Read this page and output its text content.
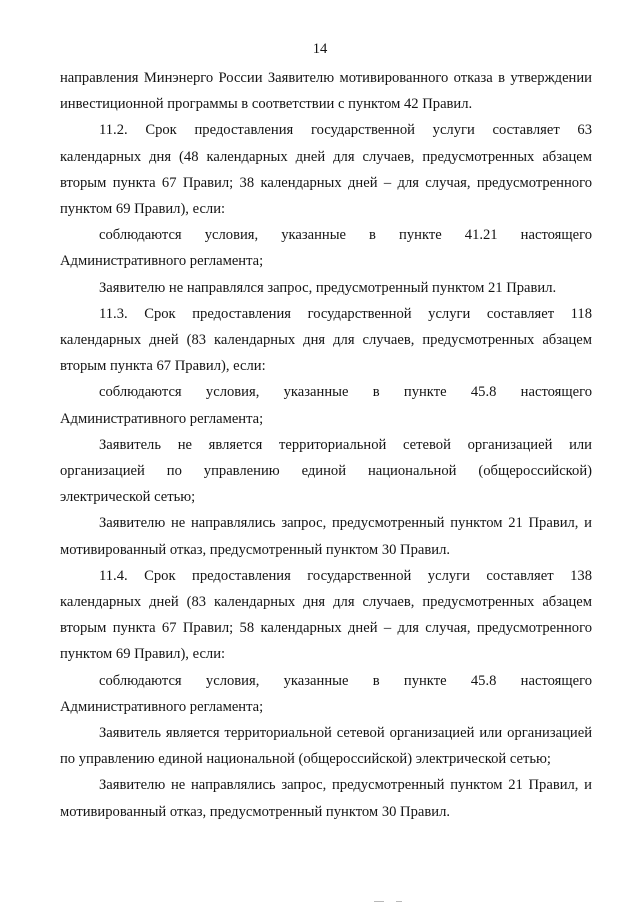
14

направления Минэнерго России Заявителю мотивированного отказа в утверждении инвестиционной программы в соответствии с пунктом 42 Правил.

11.2. Срок предоставления государственной услуги составляет 63 календарных дня (48 календарных дней для случаев, предусмотренных абзацем вторым пункта 67 Правил; 38 календарных дней – для случая, предусмотренного пунктом 69 Правил), если:

соблюдаются условия, указанные в пункте 41.21 настоящего Административного регламента;

Заявителю не направлялся запрос, предусмотренный пунктом 21 Правил.

11.3. Срок предоставления государственной услуги составляет 118 календарных дней (83 календарных дня для случаев, предусмотренных абзацем вторым пункта 67 Правил), если:

соблюдаются условия, указанные в пункте 45.8 настоящего Административного регламента;

Заявитель не является территориальной сетевой организацией или организацией по управлению единой национальной (общероссийской) электрической сетью;

Заявителю не направлялись запрос, предусмотренный пунктом 21 Правил, и мотивированный отказ, предусмотренный пунктом 30 Правил.

11.4. Срок предоставления государственной услуги составляет 138 календарных дней (83 календарных дня для случаев, предусмотренных абзацем вторым пункта 67 Правил; 58 календарных дней – для случая, предусмотренного пунктом 69 Правил), если:

соблюдаются условия, указанные в пункте 45.8 настоящего Административного регламента;

Заявитель является территориальной сетевой организацией или организацией по управлению единой национальной (общероссийской) электрической сетью;

Заявителю не направлялись запрос, предусмотренный пунктом 21 Правил, и мотивированный отказ, предусмотренный пунктом 30 Правил.
